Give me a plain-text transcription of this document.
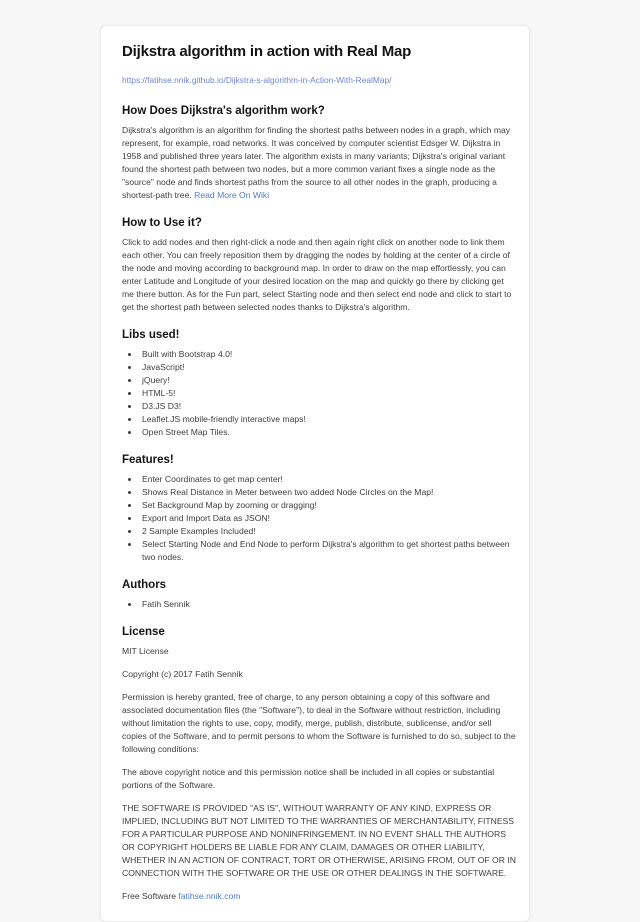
Dijkstra algorithm in action with Real Map
https://fatihse.nnik.github.io/Dijkstra-s-algorithm-in-Action-With-RealMap/
How Does Dijkstra's algorithm work?

Dijkstra's algorithm is an algorithm for finding the shortest paths between nodes in a graph, which may represent, for example, road networks. It was conceived by computer scientist Edsger W. Dijkstra in 1958 and published three years later. The algorithm exists in many variants; Dijkstra's original variant found the shortest path between two nodes, but a more common variant fixes a single node as the "source" node and finds shortest paths from the source to all other nodes in the graph, producing a shortest-path tree. Read More On Wiki

How to Use it?

Click to add nodes and then right-click a node and then again right click on another node to link them each other. You can freely reposition them by dragging the nodes by holding at the center of a circle of the node and moving according to background map. In order to draw on the map effortlessly, you can enter Latitude and Longitude of your desired location on the map and quickly go there by clicking get me there button. As for the Fun part, select Starting node and then select end node and click to start to get the shortest path between selected nodes thanks to Dijkstra's algorithm.

Libs used!
• Built with Bootstrap 4.0!
• JavaScript!
• jQuery!
• HTML-5!
• D3.JS D3!
• Leaflet.JS mobile-friendly interactive maps!
• Open Street Map Tiles.
Features!
• Enter Coordinates to get map center!
• Shows Real Distance in Meter between two added Node Circles on the Map!
• Set Background Map by zooming or dragging!
• Export and Import Data as JSON!
• 2 Sample Examples Included!
• Select Starting Node and End Node to perform Dijkstra's algorithm to get shortest paths between two nodes.
Authors
• Fatih Sennik
License

MIT License

Copyright (c) 2017 Fatih Sennik

Permission is hereby granted, free of charge, to any person obtaining a copy of this software and associated documentation files (the "Software"), to deal in the Software without restriction, including without limitation the rights to use, copy, modify, merge, publish, distribute, sublicense, and/or sell copies of the Software, and to permit persons to whom the Software is furnished to do so, subject to the following conditions:

The above copyright notice and this permission notice shall be included in all copies or substantial portions of the Software.

THE SOFTWARE IS PROVIDED "AS IS", WITHOUT WARRANTY OF ANY KIND, EXPRESS OR IMPLIED, INCLUDING BUT NOT LIMITED TO THE WARRANTIES OF MERCHANTABILITY, FITNESS FOR A PARTICULAR PURPOSE AND NONINFRINGEMENT. IN NO EVENT SHALL THE AUTHORS OR COPYRIGHT HOLDERS BE LIABLE FOR ANY CLAIM, DAMAGES OR OTHER LIABILITY, WHETHER IN AN ACTION OF CONTRACT, TORT OR OTHERWISE, ARISING FROM, OUT OF OR IN CONNECTION WITH THE SOFTWARE OR THE USE OR OTHER DEALINGS IN THE SOFTWARE.

Free Software fatihse.nnik.com
